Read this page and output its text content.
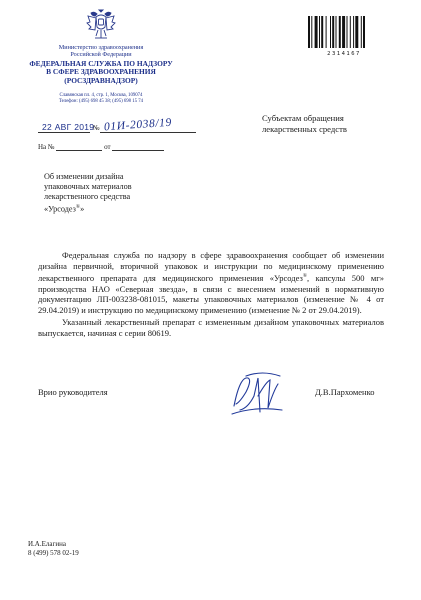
Министерство здравоохранения
Российской Федерации
ФЕДЕРАЛЬНАЯ СЛУЖБА ПО НАДЗОРУ
В СФЕРЕ ЗДРАВООХРАНЕНИЯ
(РОСЗДРАВНАДЗОР)
Славянская пл. 4, стр. 1, Москва, 109074
Телефон: (495) 698 45 38; (495) 698 15 74
2314167
22 АВГ 2019
№ 01И-2038/19
На №	от
Субъектам обращения
лекарственных средств
Об изменении дизайна
упаковочных материалов
лекарственного средства
«Урсодез®»

Федеральная служба по надзору в сфере здравоохранения сообщает об изменении дизайна первичной, вторичной упаковок и инструкции по медицинскому применению лекарственного препарата для медицинского применения «Урсодез®, капсулы 500 мг» производства НАО «Северная звезда», в связи с внесением изменений в нормативную документацию ЛП-003238-081015, макеты упаковочных материалов (изменение № 4 от 29.04.2019) и инструкцию по медицинскому применению (изменение № 2 от 29.04.2019).

Указанный лекарственный препарат с измененным дизайном упаковочных материалов выпускается, начиная с серии 80619.

Врио руководителя	Д.В.Пархоменко
И.А.Елагина
8 (499) 578 02-19
